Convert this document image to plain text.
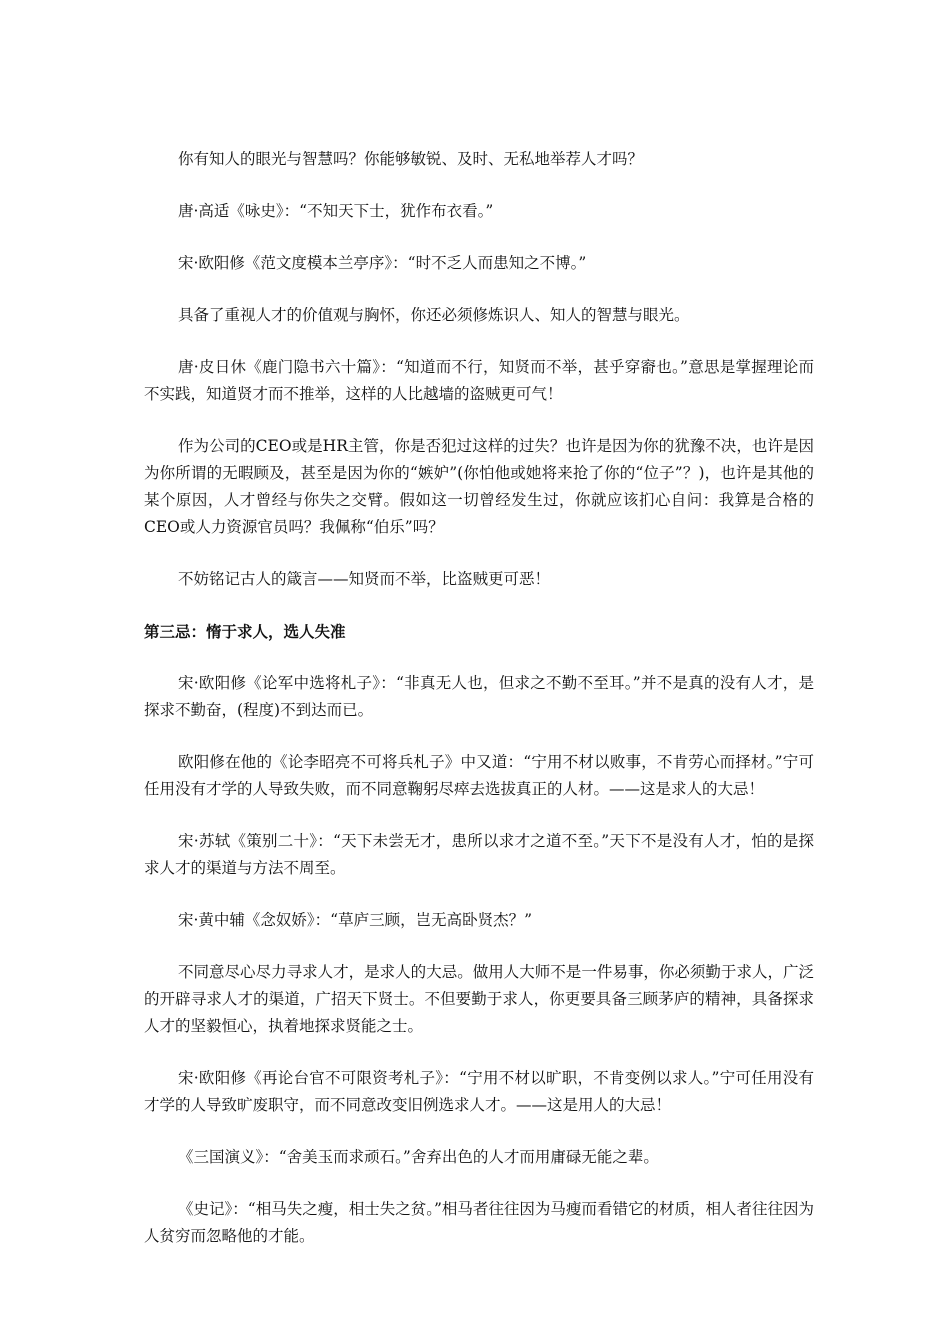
你有知人的眼光与智慧吗？你能够敏锐、及时、无私地举荐人才吗？

唐·高适《咏史》：“不知天下士，犹作布衣看。”

宋·欧阳修《范文度模本兰亭序》：“时不乏人而患知之不博。”

具备了重视人才的价值观与胸怀，你还必须修炼识人、知人的智慧与眼光。

唐·皮日休《鹿门隐书六十篇》：“知道而不行，知贤而不举，甚乎穿窬也。”意思是掌握理论而不实践，知道贤才而不推举，这样的人比越墙的盗贼更可气！

作为公司的CEO或是HR主管，你是否犯过这样的过失？也许是因为你的犹豫不决，也许是因为你所谓的无暇顾及，甚至是因为你的“嫉妒”(你怕他或她将来抢了你的“位子”？)，也许是其他的某个原因，人才曾经与你失之交臂。假如这一切曾经发生过，你就应该扪心自问：我算是合格的CEO或人力资源官员吗？我佩称“伯乐”吗？

不妨铭记古人的箴言——知贤而不举，比盗贼更可恶！

第三忌：惰于求人，选人失准

宋·欧阳修《论军中选将札子》：“非真无人也，但求之不勤不至耳。”并不是真的没有人才，是探求不勤奋，(程度)不到达而已。

欧阳修在他的《论李昭亮不可将兵札子》中又道：“宁用不材以败事，不肯劳心而择材。”宁可任用没有才学的人导致失败，而不同意鞠躬尽瘁去选拔真正的人材。——这是求人的大忌！

宋·苏轼《策别二十》：“天下未尝无才，患所以求才之道不至。”天下不是没有人才，怕的是探求人才的渠道与方法不周至。

宋·黄中辅《念奴娇》：“草庐三顾，岂无高卧贤杰？”

不同意尽心尽力寻求人才，是求人的大忌。做用人大师不是一件易事，你必须勤于求人，广泛的开辟寻求人才的渠道，广招天下贤士。不但要勤于求人，你更要具备三顾茅庐的精神，具备探求人才的坚毅恒心，执着地探求贤能之士。

宋·欧阳修《再论台官不可限资考札子》：“宁用不材以旷职，不肯变例以求人。”宁可任用没有才学的人导致旷废职守，而不同意改变旧例选求人才。——这是用人的大忌！

《三国演义》：“舍美玉而求顽石。”舍弃出色的人才而用庸碌无能之辈。

《史记》：“相马失之瘦，相士失之贫。”相马者往往因为马瘦而看错它的材质，相人者往往因为人贫穷而忽略他的才能。
